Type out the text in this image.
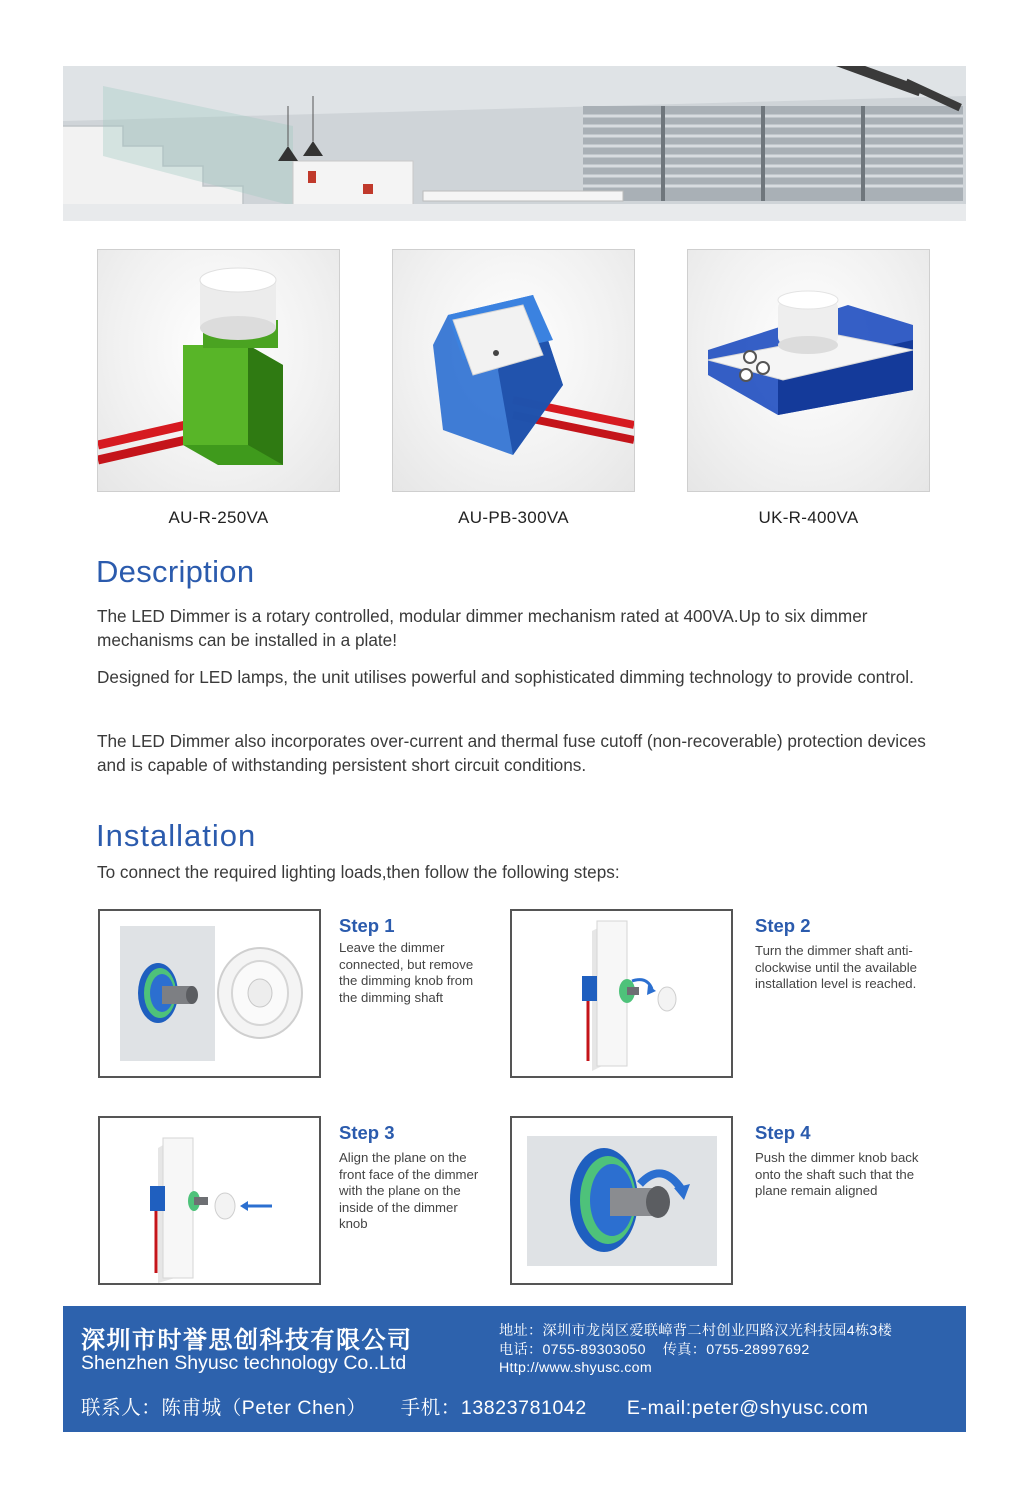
AU-R-250VA	AU-PB-300VA	UK-R-400VA
Description

The LED Dimmer is a rotary controlled, modular dimmer mechanism rated at 400VA.Up to six dimmer mechanisms can be installed in a plate!

Designed for LED lamps, the unit utilises powerful and sophisticated dimming technology to provide control.

The LED Dimmer also incorporates over-current and thermal fuse cutoff (non-recoverable) protection devices and is capable of withstanding persistent short circuit conditions.

Installation

To connect the required lighting loads,then follow the following steps:

Step 1

Leave the dimmer connected, but remove the dimming knob from the dimming shaft

Step 2

Turn the dimmer shaft anti-clockwise until the available installation level is reached.

Step 3

Align the plane on the front face of the dimmer with the plane on the inside of the dimmer knob

Step 4

Push the dimmer knob back onto the shaft such that the plane remain aligned

深圳市时誉思创科技有限公司
Shenzhen Shyusc technology Co..Ltd
地址：深圳市龙岗区爱联嶂背二村创业四路汉光科技园4栋3楼
电话：0755-89303050    传真：0755-28997692
Http://www.shyusc.com
联系人：陈甫城（Peter Chen） 手机：13823781042 E-mail:peter@shyusc.com
